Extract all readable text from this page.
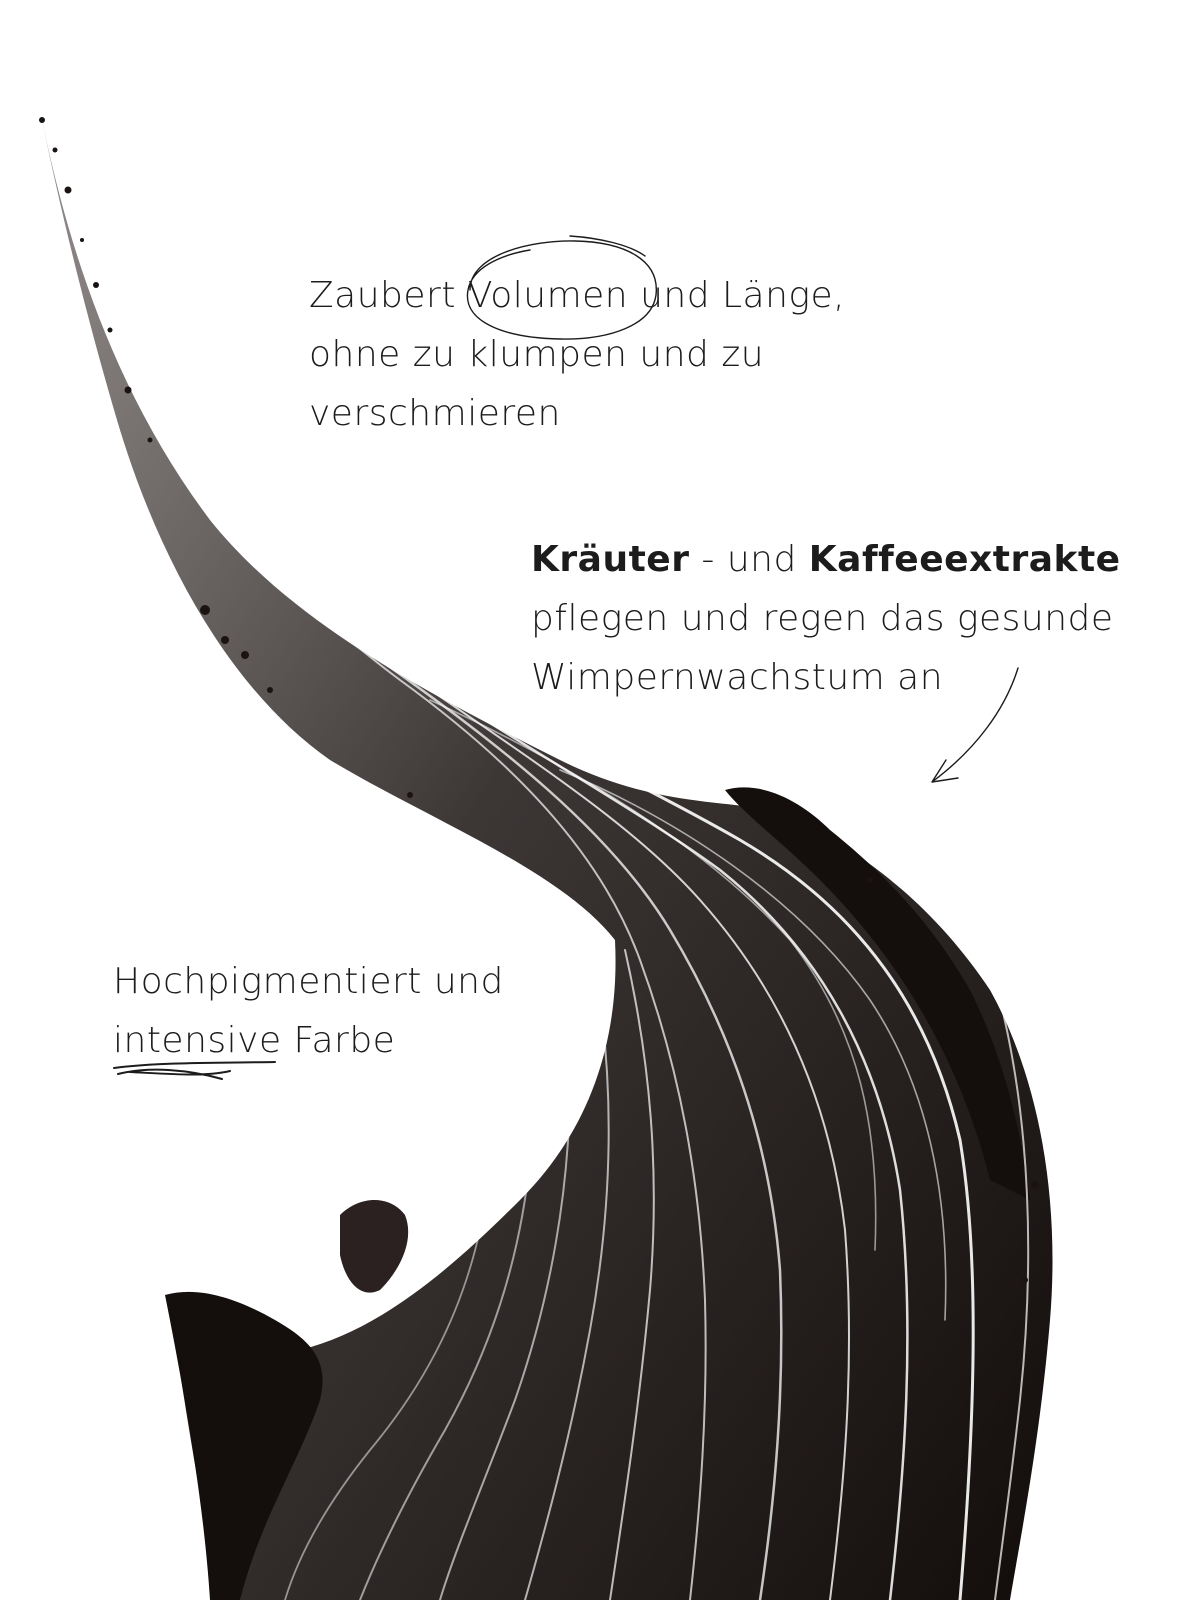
Zaubert Volumen und Länge,
ohne zu klumpen und zu
verschmieren
Kräuter - und Kaffeeextrakte
pflegen und regen das gesunde
Wimpernwachstum an
Hochpigmentiert und
intensive Farbe
